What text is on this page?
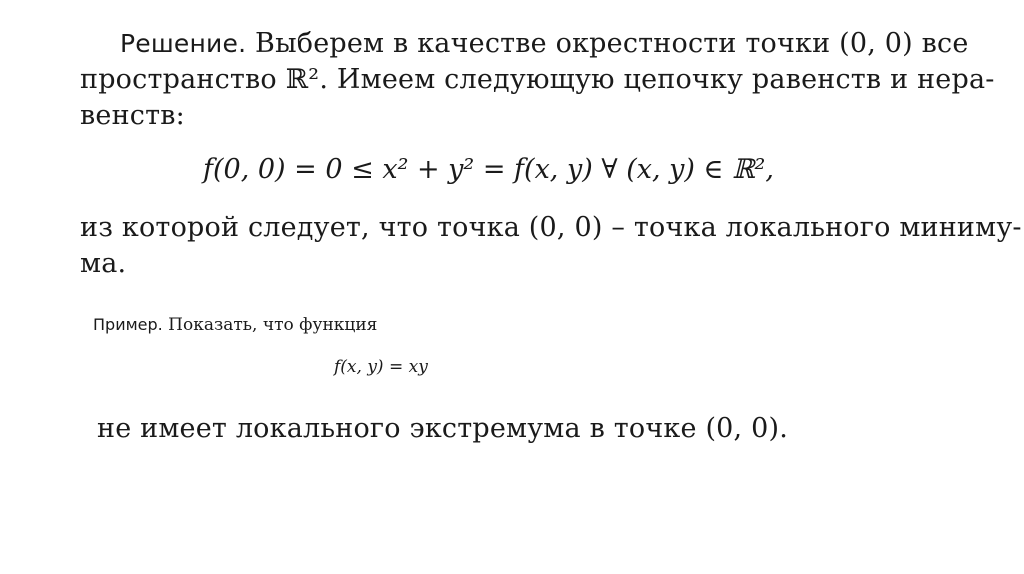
Решение. Выберем в качестве окрестности точки (0, 0) все
пространство ℝ². Имеем следующую цепочку равенств и нера-
венств:
f(0, 0) = 0 ≤ x² + y² = f(x, y) ∀ (x, y) ∈ ℝ²,
из которой следует, что точка (0, 0) – точка локального миниму-
ма.
Пример. Показать, что функция
f(x, y) = xy
не имеет локального экстремума в точке (0, 0).
